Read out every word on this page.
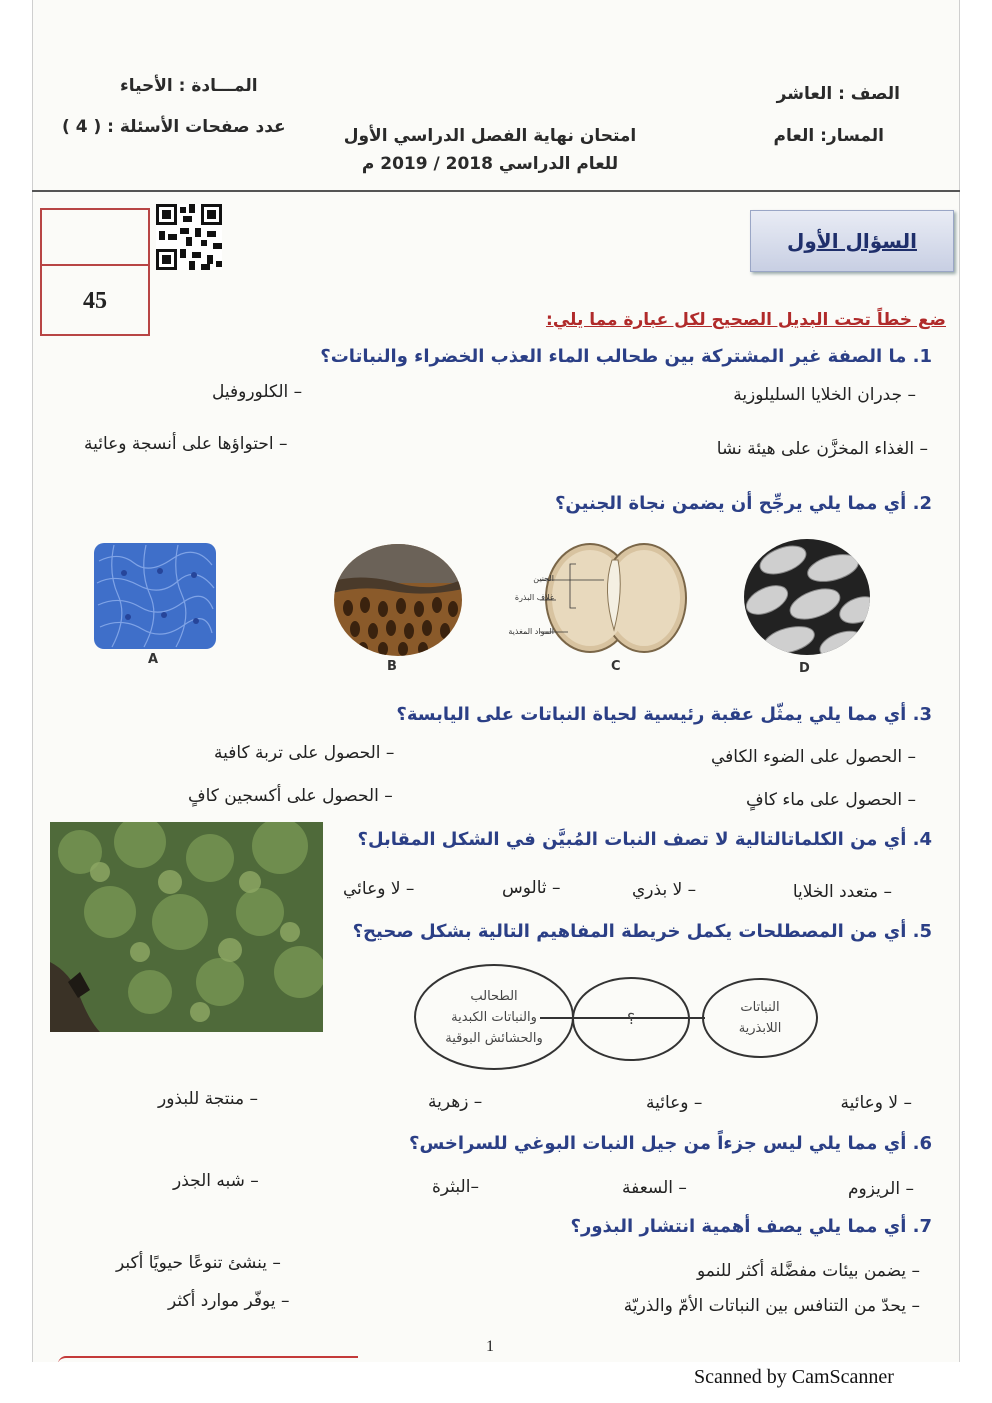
الصف : العاشر
المسار: العام
المـــادة : الأحياء
عدد صفحات الأسئلة : ( 4 )	امتحان نهاية الفصل الدراسي الأول
للعام الدراسي 2018 / 2019 م
45
السؤال الأول
ضع خطاً تحت البديل الصحيح لكل عبارة مما يلي:
1. ما الصفة غير المشتركة بين طحالب الماء العذب الخضراء والنباتات؟
– جدران الخلايا السليلوزية
– الكلوروفيل
– الغذاء المخزَّن على هيئة نشا
– احتواؤها على أنسجة وعائية
2. أي مما يلي يرجِّح أن يضمن نجاة الجنين؟
A	B
الجنين
غلاف البذرة
المواد المغذية
C	D
3. أي مما يلي يمثّل عقبة رئيسية لحياة النباتات على اليابسة؟
– الحصول على الضوء الكافي
– الحصول على تربة كافية
– الحصول على ماء كافٍ
– الحصول على أكسجين كافٍ
4. أي من الكلماتالتالية لا تصف النبات المُبيَّن في الشكل المقابل؟
– متعدد الخلايا
– لا بذري
– ثالوس
– لا وعائي
5. أي من المصطلحات يكمل خريطة المفاهيم التالية بشكل صحيح؟
الطحالب
والنباتات الكبدية
والحشائش البوقية
؟
النباتات
اللابذرية
– لا وعائية
– وعائية
– زهرية
– منتجة للبذور
6. أي مما يلي ليس جزءاً من جيل النبات البوغي للسراخس؟
– الريزوم
– السعفة
–البثرة
– شبه الجذر
7. أي مما يلي يصف أهمية انتشار البذور؟
– يضمن بيئات مفضَّلة أكثر للنمو
– ينشئ تنوعًا حيويًا أكبر
– يحدّ من التنافس بين النباتات الأمّ والذريّة
– يوفّر موارد أكثر
1
Scanned by CamScanner
